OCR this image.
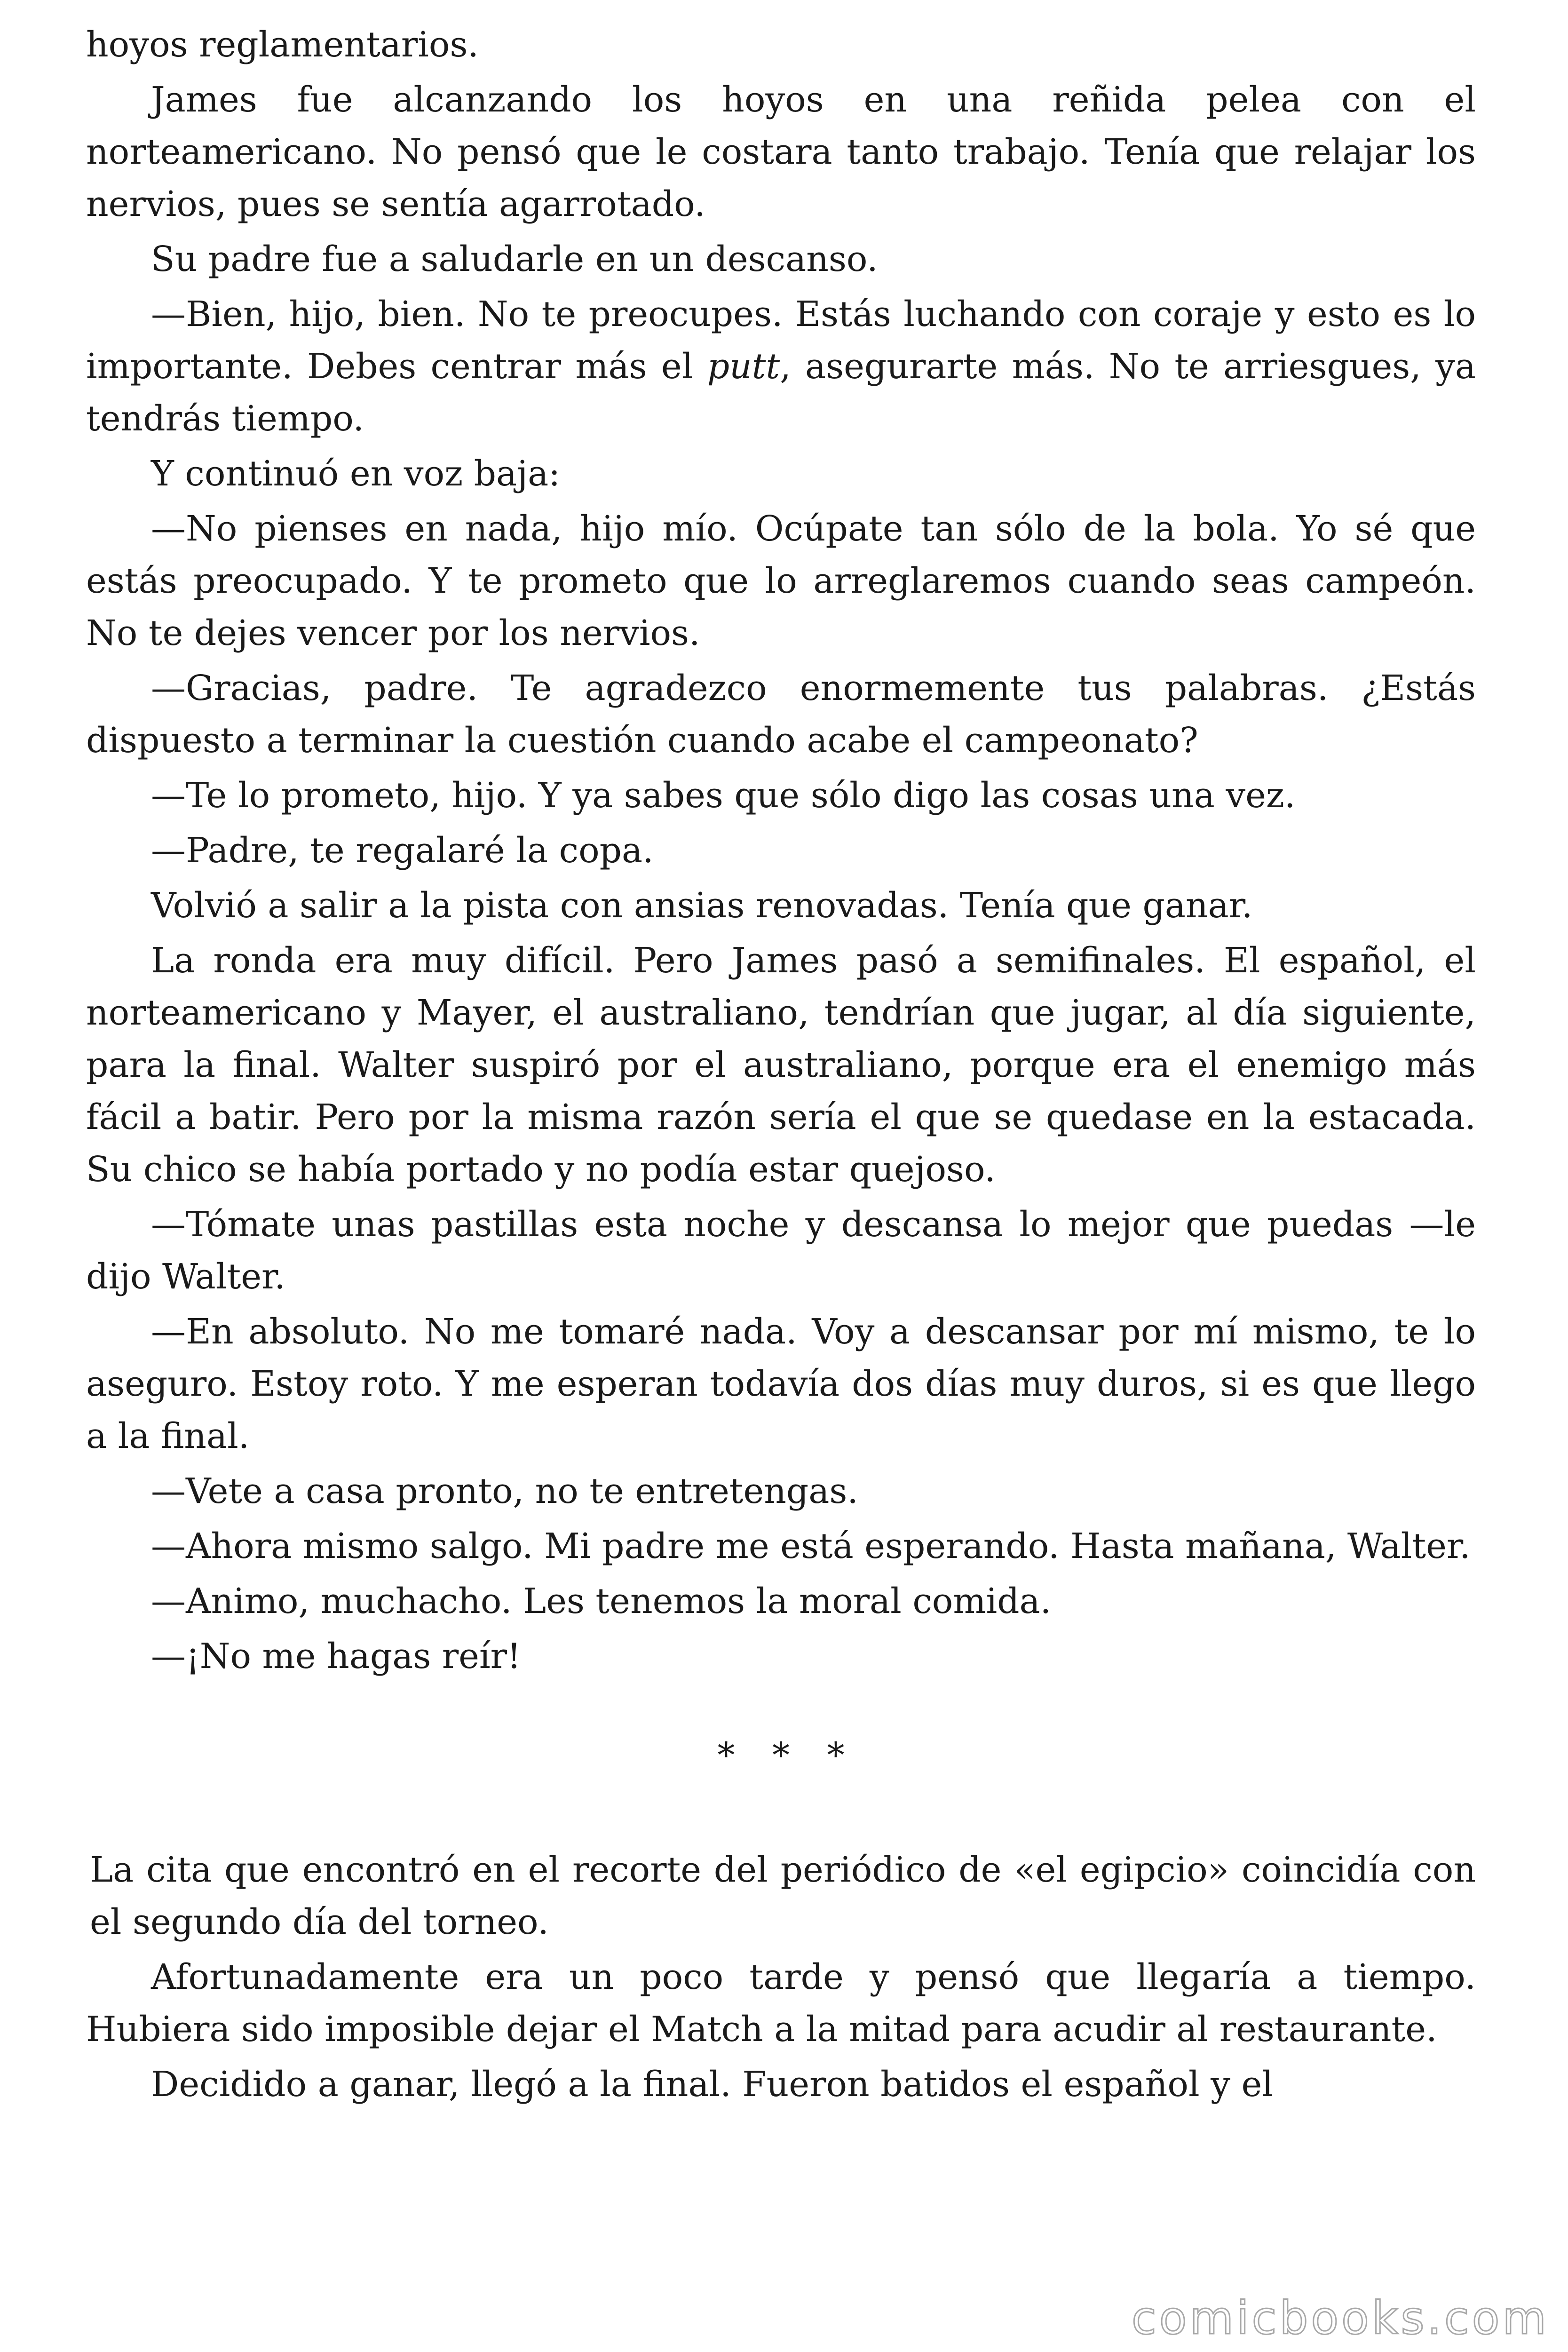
hoyos reglamentarios.

James fue alcanzando los hoyos en una reñida pelea con el norteamericano. No pensó que le costara tanto trabajo. Tenía que relajar los nervios, pues se sentía agarrotado.

Su padre fue a saludarle en un descanso.

—Bien, hijo, bien. No te preocupes. Estás luchando con coraje y esto es lo importante. Debes centrar más el putt, asegurarte más. No te arriesgues, ya tendrás tiempo.

Y continuó en voz baja:

—No pienses en nada, hijo mío. Ocúpate tan sólo de la bola. Yo sé que estás preocupado. Y te prometo que lo arreglaremos cuando seas campeón. No te dejes vencer por los nervios.

—Gracias, padre. Te agradezco enormemente tus palabras. ¿Estás dispuesto a terminar la cuestión cuando acabe el campeonato?

—Te lo prometo, hijo. Y ya sabes que sólo digo las cosas una vez.

—Padre, te regalaré la copa.

Volvió a salir a la pista con ansias renovadas. Tenía que ganar.

La ronda era muy difícil. Pero James pasó a semifinales. El español, el norteamericano y Mayer, el australiano, tendrían que jugar, al día siguiente, para la final. Walter suspiró por el australiano, porque era el enemigo más fácil a batir. Pero por la misma razón sería el que se quedase en la estacada. Su chico se había portado y no podía estar quejoso.

—Tómate unas pastillas esta noche y descansa lo mejor que puedas —le dijo Walter.

—En absoluto. No me tomaré nada. Voy a descansar por mí mismo, te lo aseguro. Estoy roto. Y me esperan todavía dos días muy duros, si es que llego a la final.

—Vete a casa pronto, no te entretengas.

—Ahora mismo salgo. Mi padre me está esperando. Hasta mañana, Walter.

—Animo, muchacho. Les tenemos la moral comida.

—¡No me hagas reír!

* * *

La cita que encontró en el recorte del periódico de «el egipcio» coincidía con el segundo día del torneo.

Afortunadamente era un poco tarde y pensó que llegaría a tiempo. Hubiera sido imposible dejar el Match a la mitad para acudir al restaurante.

Decidido a ganar, llegó a la final. Fueron batidos el español y el

comicbooks.com
